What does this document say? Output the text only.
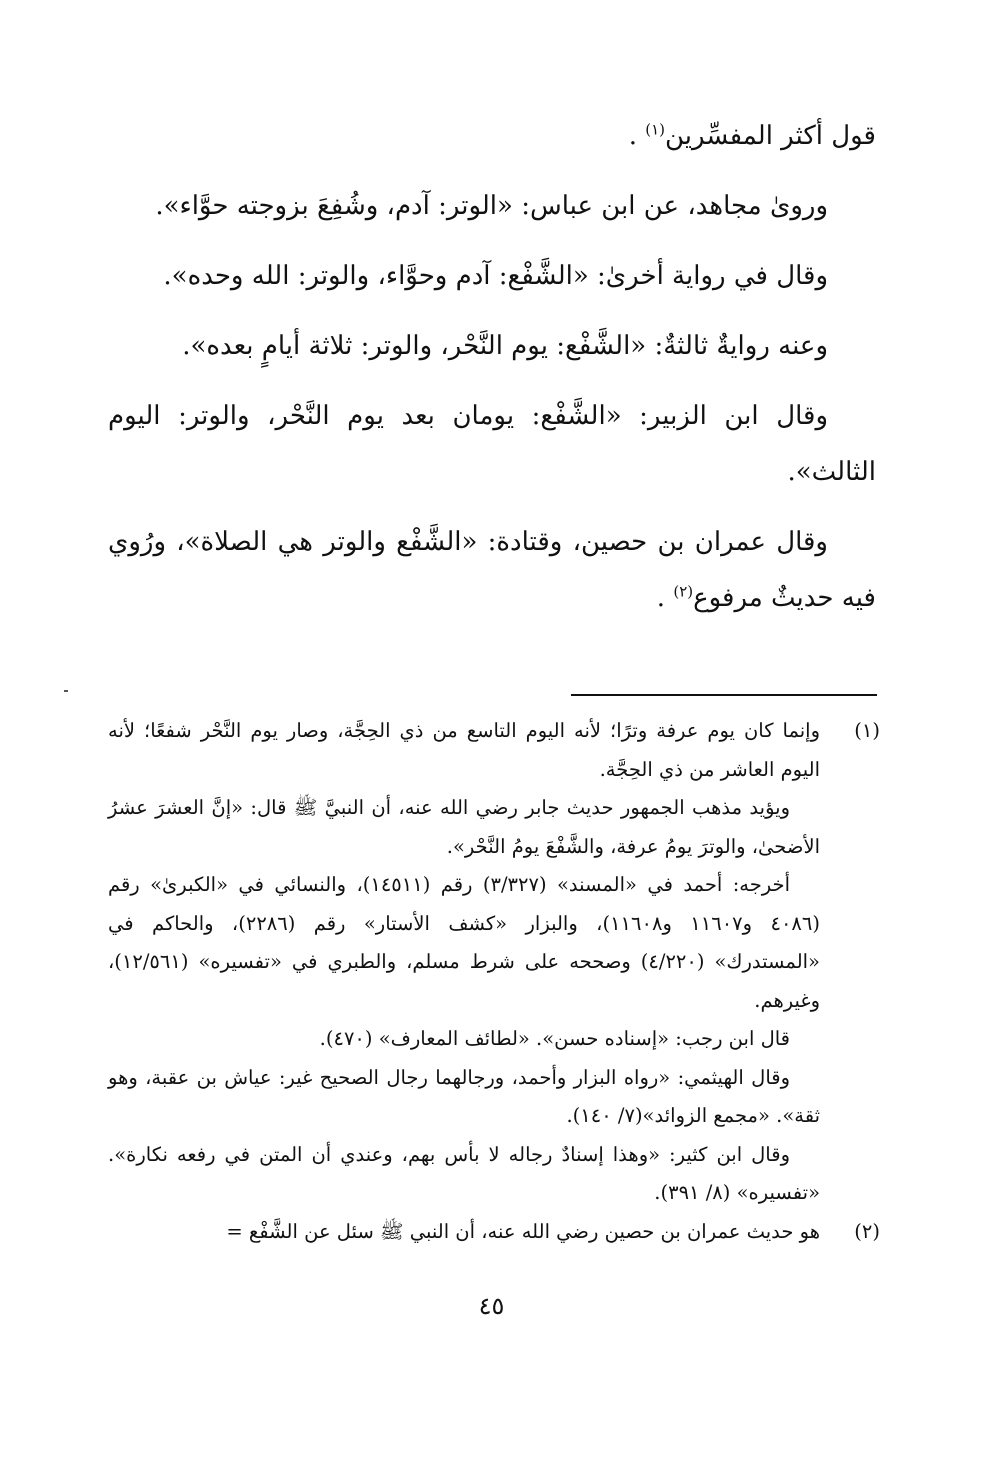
قول أكثر المفسِّرين$^{(١)}$ .

وروىٰ مجاهد، عن ابن عباس: «الوتر: آدم، وشُفِعَ بزوجته حوَّاء».

وقال في رواية أخرىٰ: «الشَّفْع: آدم وحوَّاء، والوتر: الله وحده».

وعنه روايةٌ ثالثةٌ: «الشَّفْع: يوم النَّحْر، والوتر: ثلاثة أيامٍ بعده».

وقال ابن الزبير: «الشَّفْع: يومان بعد يوم النَّحْر، والوتر: اليوم الثالث».

وقال عمران بن حصين، وقتادة: «الشَّفْع والوتر هي الصلاة»، ورُوي فيه حديثٌ مرفوع$^{(٢)}$ .

(١)

وإنما كان يوم عرفة وترًا؛ لأنه اليوم التاسع من ذي الحِجَّة، وصار يوم النَّحْر شفعًا؛ لأنه اليوم العاشر من ذي الحِجَّة.

ويؤيد مذهب الجمهور حديث جابر رضي الله عنه، أن النبيَّ ﷺ قال: «إنَّ العشرَ عشرُ الأضحىٰ، والوترَ يومُ عرفة، والشَّفْعَ يومُ النَّحْر».

أخرجه: أحمد في «المسند» (٣/٣٢٧) رقم (١٤٥١١)، والنسائي في «الكبرىٰ» رقم (٤٠٨٦ و١١٦٠٧ و١١٦٠٨)، والبزار «كشف الأستار» رقم (٢٢٨٦)، والحاكم في «المستدرك» (٤/٢٢٠) وصححه على شرط مسلم، والطبري في «تفسيره» (١٢/٥٦١)، وغيرهم.

قال ابن رجب: «إسناده حسن». «لطائف المعارف» (٤٧٠).

وقال الهيثمي: «رواه البزار وأحمد، ورجالهما رجال الصحيح غير: عياش بن عقبة، وهو ثقة». «مجمع الزوائد»(٧/ ١٤٠).

وقال ابن كثير: «وهذا إسنادٌ رجاله لا بأس بهم، وعندي أن المتن في رفعه نكارة». «تفسيره» (٨/ ٣٩١).

(٢)

هو حديث عمران بن حصين رضي الله عنه، أن النبي ﷺ سئل عن الشَّفْع =

٤٥
